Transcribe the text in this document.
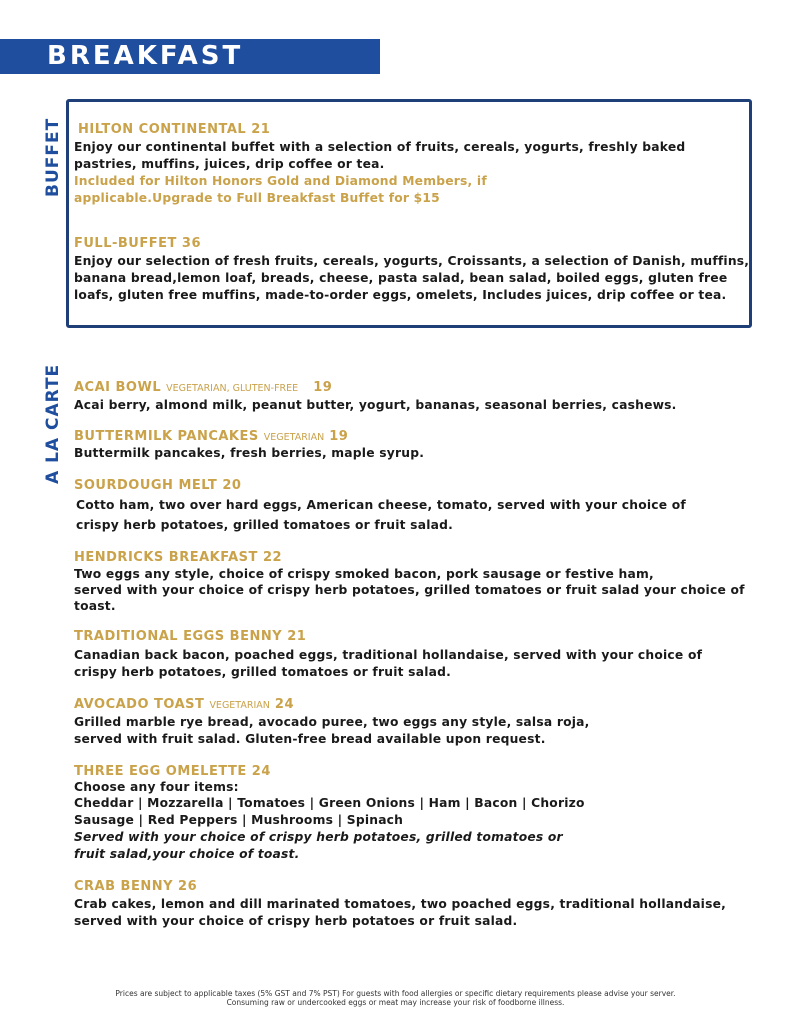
BREAKFAST
BUFFET
A LA CARTE
HILTON CONTINENTAL 21
Enjoy our continental buffet with a selection of fruits, cereals, yogurts, freshly baked
pastries, muffins, juices, drip coffee or tea.
Included for Hilton Honors Gold and Diamond Members, if
applicable.Upgrade to Full Breakfast Buffet for $15
FULL-BUFFET 36
Enjoy our selection of fresh fruits, cereals, yogurts, Croissants, a selection of Danish, muffins,
banana bread,lemon loaf, breads, cheese, pasta salad, bean salad, boiled eggs, gluten free
loafs, gluten free muffins, made-to-order eggs, omelets, Includes juices, drip coffee or tea.
ACAI BOWL VEGETARIAN, GLUTEN-FREE 19
Acai berry, almond milk, peanut butter, yogurt, bananas, seasonal berries, cashews.
BUTTERMILK PANCAKES VEGETARIAN 19
Buttermilk pancakes, fresh berries, maple syrup.
SOURDOUGH MELT 20
Cotto ham, two over hard eggs, American cheese, tomato, served with your choice of
crispy herb potatoes, grilled tomatoes or fruit salad.
HENDRICKS BREAKFAST 22
Two eggs any style, choice of crispy smoked bacon, pork sausage or festive ham,
served with your choice of crispy herb potatoes, grilled tomatoes or fruit salad your choice of
toast.
TRADITIONAL EGGS BENNY 21
Canadian back bacon, poached eggs, traditional hollandaise, served with your choice of
crispy herb potatoes, grilled tomatoes or fruit salad.
AVOCADO TOAST VEGETARIAN 24
Grilled marble rye bread, avocado puree, two eggs any style, salsa roja,
served with fruit salad. Gluten-free bread available upon request.
THREE EGG OMELETTE 24
Choose any four items:
Cheddar | Mozzarella | Tomatoes | Green Onions | Ham | Bacon | Chorizo
Sausage | Red Peppers | Mushrooms | Spinach
Served with your choice of crispy herb potatoes, grilled tomatoes or
fruit salad,your choice of toast.
CRAB BENNY 26
Crab cakes, lemon and dill marinated tomatoes, two poached eggs, traditional hollandaise,
served with your choice of crispy herb potatoes or fruit salad.
Prices are subject to applicable taxes (5% GST and 7% PST) For guests with food allergies or specific dietary requirements please advise your server.
Consuming raw or undercooked eggs or meat may increase your risk of foodborne illness.
